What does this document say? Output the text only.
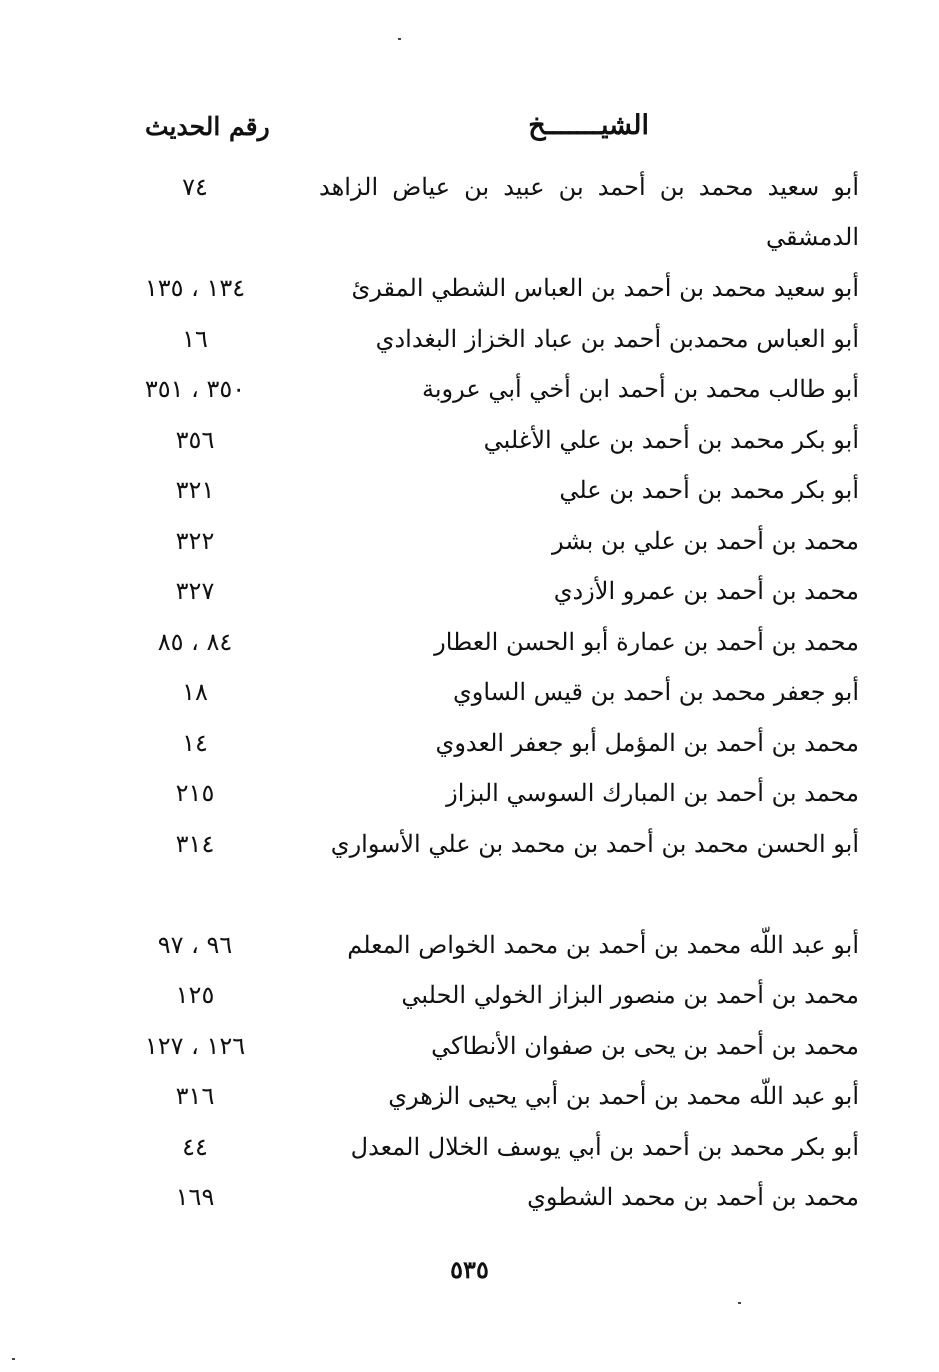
الشيـــــــخ
رقم الحديث
أبو سعيد محمد بن أحمد بن عبيد بن عياض الزاهد الدمشقي
٧٤
أبو سعيد محمد بن أحمد بن العباس الشطي المقرئ
١٣٤ ، ١٣٥
أبو العباس محمدبن أحمد بن عباد الخزاز البغدادي
١٦
أبو طالب محمد بن أحمد ابن أخي أبي عروبة
٣٥٠ ، ٣٥١
أبو بكر محمد بن أحمد بن علي الأغلبي
٣٥٦
أبو بكر محمد بن أحمد بن علي
٣٢١
محمد بن أحمد بن علي بن بشر
٣٢٢
محمد بن أحمد بن عمرو الأزدي
٣٢٧
محمد بن أحمد بن عمارة أبو الحسن العطار
٨٤ ، ٨٥
أبو جعفر محمد بن أحمد بن قيس الساوي
١٨
محمد بن أحمد بن المؤمل أبو جعفر العدوي
١٤
محمد بن أحمد بن المبارك السوسي البزاز
٢١٥
أبو الحسن محمد بن أحمد بن محمد بن علي الأسواري
٣١٤
أبو عبد اللّه محمد بن أحمد بن محمد الخواص المعلم
٩٦ ، ٩٧
محمد بن أحمد بن منصور البزاز الخولي الحلبي
١٢٥
محمد بن أحمد بن يحى بن صفوان الأنطاكي
١٢٦ ، ١٢٧
أبو عبد اللّه محمد بن أحمد بن أبي يحيى الزهري
٣١٦
أبو بكر محمد بن أحمد بن أبي يوسف الخلال المعدل
٤٤
محمد بن أحمد بن محمد الشطوي
١٦٩
٥٣٥
